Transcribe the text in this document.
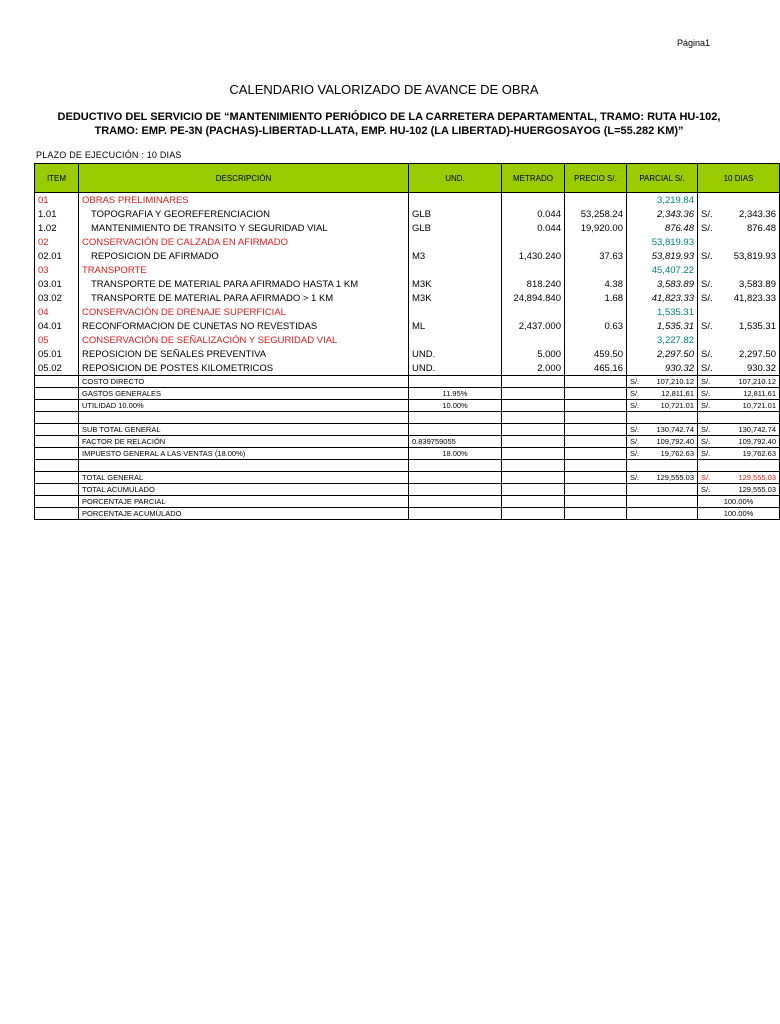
Página1
CALENDARIO VALORIZADO DE AVANCE DE OBRA
DEDUCTIVO DEL SERVICIO DE “MANTENIMIENTO PERIÓDICO DE LA CARRETERA DEPARTAMENTAL, TRAMO: RUTA HU-102,
TRAMO: EMP. PE-3N (PACHAS)-LIBERTAD-LLATA, EMP. HU-102 (LA LIBERTAD)-HUERGOSAYOG (L=55.282 KM)”
PLAZO DE EJECUCIÓN : 10 DIAS
ITEM	DESCRIPCIÓN	UND.	METRADO	PRECIO S/.	PARCIAL S/.	10 DIAS
01	OBRAS PRELIMINARES				3,219.84	
1.01	TOPOGRAFIA Y GEOREFERENCIACION	GLB	0.044	53,258.24	2,343.36	S/. 2,343.36

1.02	MANTENIMIENTO DE TRANSITO Y SEGURIDAD VIAL	GLB	0.044	19,920.00	876.48	S/. 876.48

02	CONSERVACIÓN DE CALZADA EN AFIRMADO				53,819.93	
02.01	REPOSICION DE AFIRMADO	M3	1,430.240	37.63	53,819.93	S/. 53,819.93

03	TRANSPORTE				45,407.22	
03.01	TRANSPORTE DE MATERIAL PARA AFIRMADO HASTA 1 KM	M3K	818.240	4.38	3,583.89	S/. 3,583.89

03.02	TRANSPORTE DE MATERIAL PARA AFIRMADO > 1 KM	M3K	24,894.840	1.68	41,823.33	S/. 41,823.33

04	CONSERVACIÓN DE DRENAJE SUPERFICIAL				1,535.31	
04.01	RECONFORMACION DE CUNETAS NO REVESTIDAS	ML	2,437.000	0.63	1,535.31	S/. 1,535.31

05	CONSERVACIÓN DE SEÑALIZACIÓN Y SEGURIDAD VIAL				3,227.82	
05.01	REPOSICION DE SEÑALES PREVENTIVA	UND.	5.000	459.50	2,297.50	S/. 2,297.50

05.02	REPOSICION DE POSTES KILOMETRICOS	UND.	2.000	465.16	930.32	S/. 930.32

	COSTO DIRECTO				S/. 107,210.12	S/. 107,210.12

	GASTOS GENERALES	11.95%			S/. 12,811.61	S/. 12,811.61

	UTILIDAD 10.00%	10.00%			S/. 10,721.01	S/. 10,721.01

	SUB TOTAL GENERAL				S/. 130,742.74	S/. 130,742.74

	FACTOR DE RELACIÓN	0.839759055			S/. 109,792.40	S/. 109,792.40

	IMPUESTO GENERAL A LAS VENTAS (18.00%)	18.00%			S/. 19,762.63	S/. 19,762.63

	TOTAL GENERAL				S/. 129,555.03	S/. 129,555.03

	TOTAL ACUMULADO					S/. 129,555.03

	PORCENTAJE PARCIAL					100.00%
	PORCENTAJE ACUMULADO					100.00%
